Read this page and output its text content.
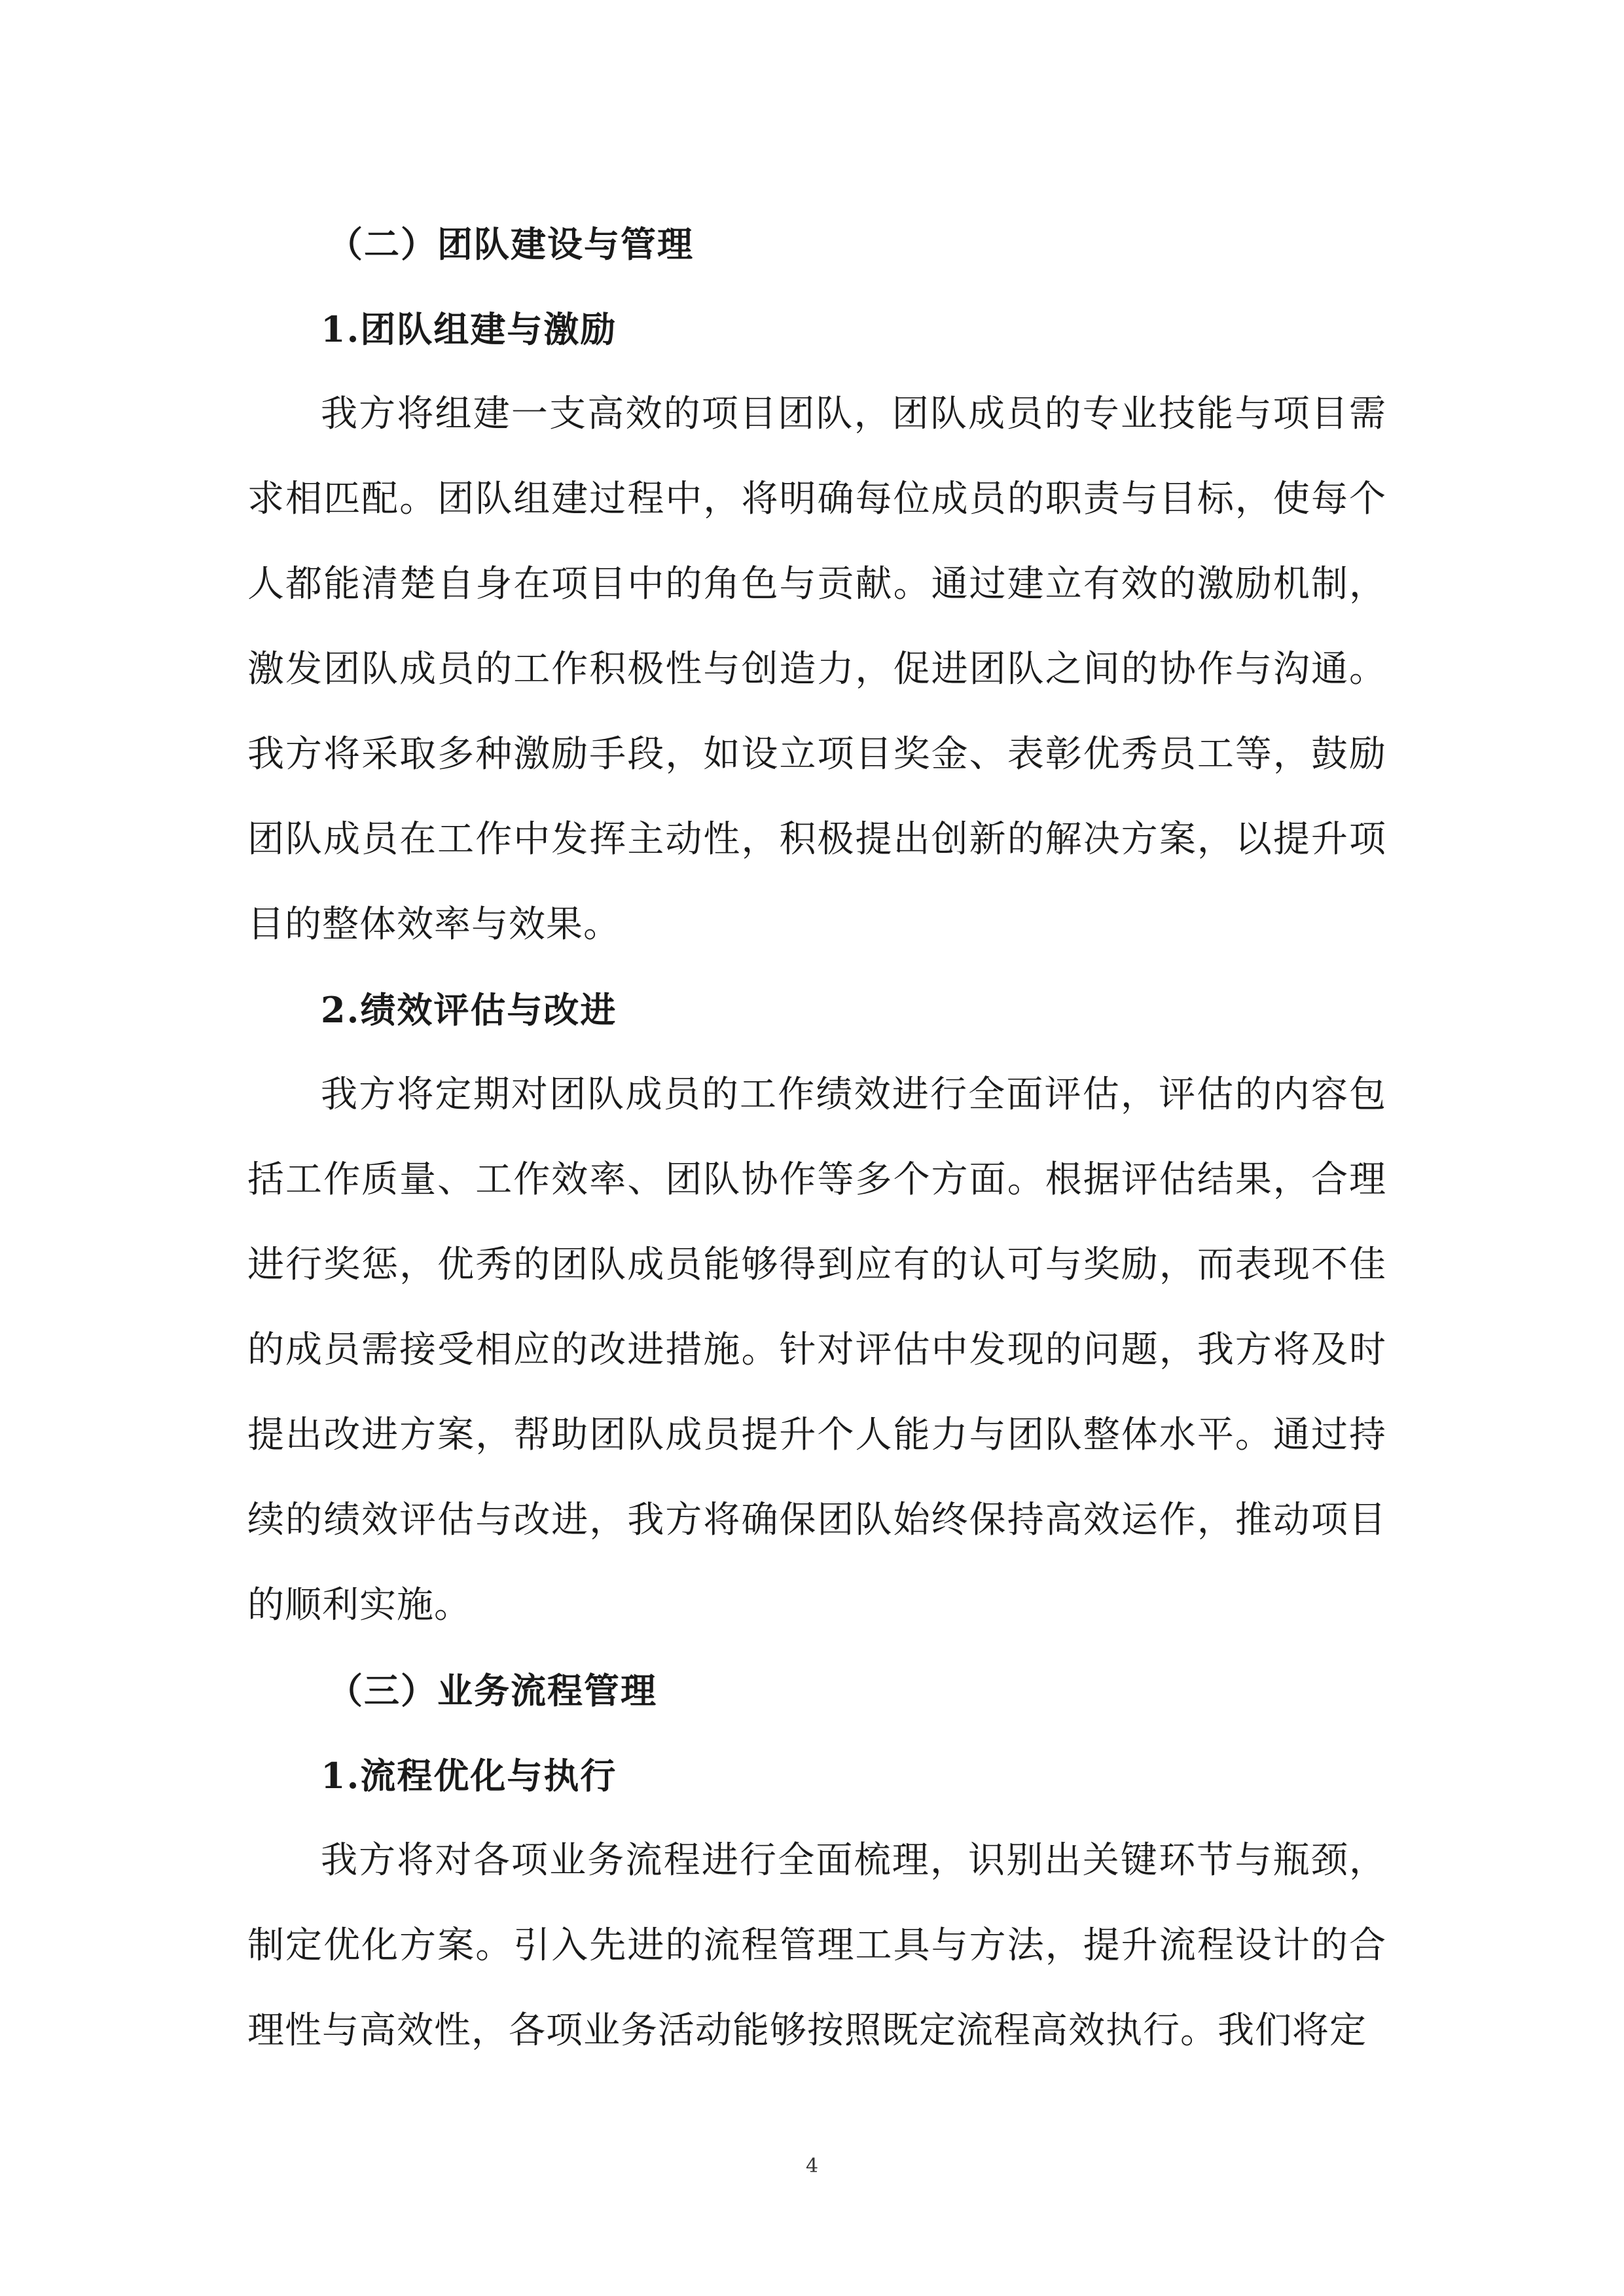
（二）团队建设与管理
1.团队组建与激励

我方将组建一支高效的项目团队，团队成员的专业技能与项目需求相匹配。团队组建过程中，将明确每位成员的职责与目标，使每个人都能清楚自身在项目中的角色与贡献。通过建立有效的激励机制，激发团队成员的工作积极性与创造力，促进团队之间的协作与沟通。我方将采取多种激励手段，如设立项目奖金、表彰优秀员工等，鼓励团队成员在工作中发挥主动性，积极提出创新的解决方案，以提升项目的整体效率与效果。

2.绩效评估与改进

我方将定期对团队成员的工作绩效进行全面评估，评估的内容包括工作质量、工作效率、团队协作等多个方面。根据评估结果，合理进行奖惩，优秀的团队成员能够得到应有的认可与奖励，而表现不佳的成员需接受相应的改进措施。针对评估中发现的问题，我方将及时提出改进方案，帮助团队成员提升个人能力与团队整体水平。通过持续的绩效评估与改进，我方将确保团队始终保持高效运作，推动项目的顺利实施。

（三）业务流程管理
1.流程优化与执行

我方将对各项业务流程进行全面梳理，识别出关键环节与瓶颈，制定优化方案。引入先进的流程管理工具与方法，提升流程设计的合理性与高效性，各项业务活动能够按照既定流程高效执行。我们将定

4
